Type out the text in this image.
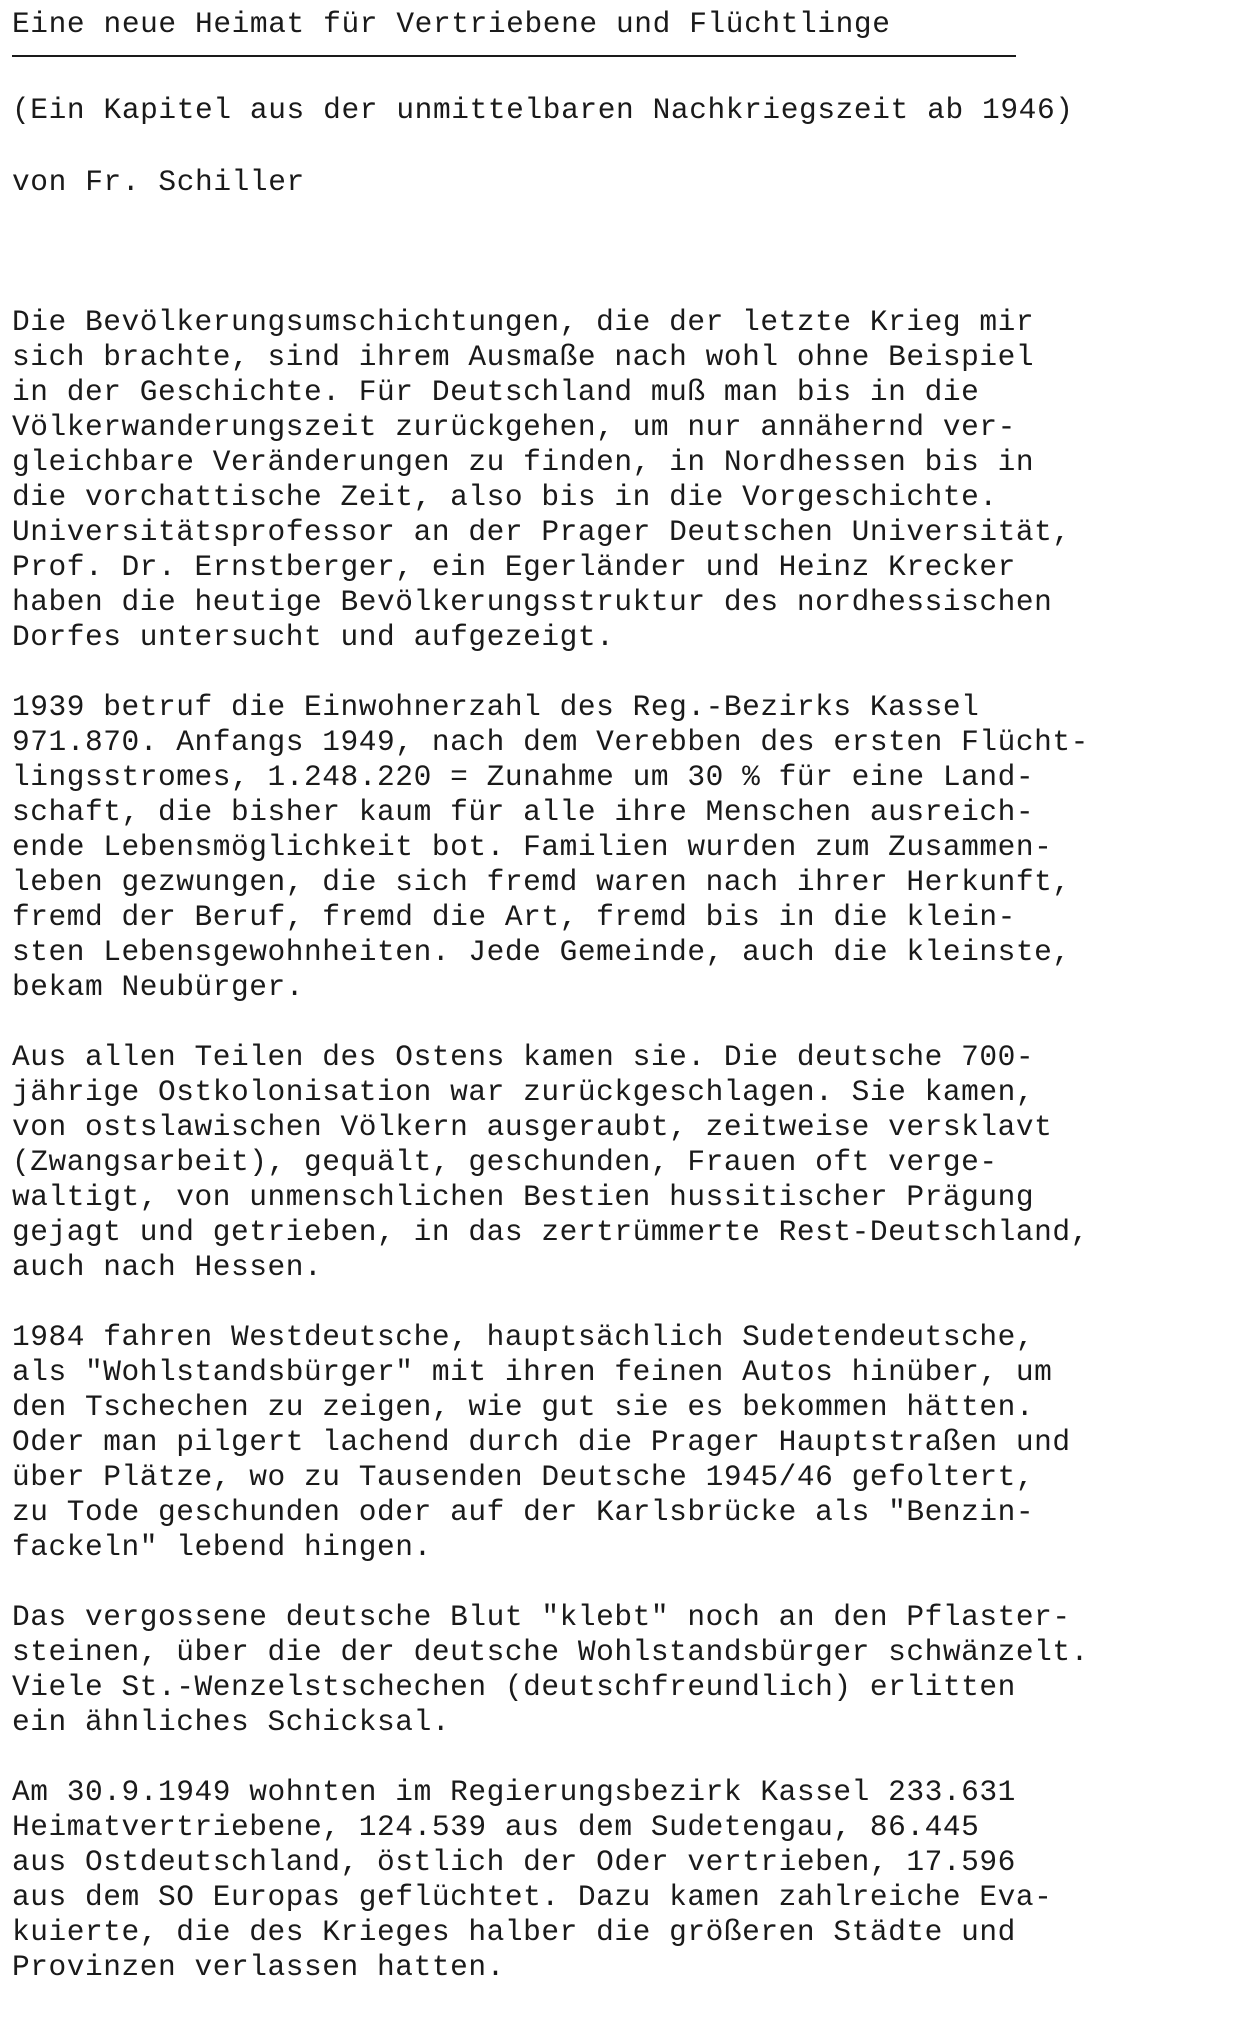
Eine neue Heimat für Vertriebene und Flüchtlinge
(Ein Kapitel aus der unmittelbaren Nachkriegszeit ab 1946)
von Fr. Schiller
Die Bevölkerungsumschichtungen, die der letzte Krieg mir
sich brachte, sind ihrem Ausmaße nach wohl ohne Beispiel
in der Geschichte. Für Deutschland muß man bis in die
Völkerwanderungszeit zurückgehen, um nur annähernd ver-
gleichbare Veränderungen zu finden, in Nordhessen bis in
die vorchattische Zeit, also bis in die Vorgeschichte.
Universitätsprofessor an der Prager Deutschen Universität,
Prof. Dr. Ernstberger, ein Egerländer und Heinz Krecker
haben die heutige Bevölkerungsstruktur des nordhessischen
Dorfes untersucht und aufgezeigt.
1939 betruf die Einwohnerzahl des Reg.-Bezirks Kassel
971.870. Anfangs 1949, nach dem Verebben des ersten Flücht-
lingsstromes, 1.248.220 = Zunahme um 30 % für eine Land-
schaft, die bisher kaum für alle ihre Menschen ausreich-
ende Lebensmöglichkeit bot. Familien wurden zum Zusammen-
leben gezwungen, die sich fremd waren nach ihrer Herkunft,
fremd der Beruf, fremd die Art, fremd bis in die klein-
sten Lebensgewohnheiten. Jede Gemeinde, auch die kleinste,
bekam Neubürger.
Aus allen Teilen des Ostens kamen sie. Die deutsche 700-
jährige Ostkolonisation war zurückgeschlagen. Sie kamen,
von ostslawischen Völkern ausgeraubt, zeitweise versklavt
(Zwangsarbeit), gequält, geschunden, Frauen oft verge-
waltigt, von unmenschlichen Bestien hussitischer Prägung
gejagt und getrieben, in das zertrümmerte Rest-Deutschland,
auch nach Hessen.
1984 fahren Westdeutsche, hauptsächlich Sudetendeutsche,
als "Wohlstandsbürger" mit ihren feinen Autos hinüber, um
den Tschechen zu zeigen, wie gut sie es bekommen hätten.
Oder man pilgert lachend durch die Prager Hauptstraßen und
über Plätze, wo zu Tausenden Deutsche 1945/46 gefoltert,
zu Tode geschunden oder auf der Karlsbrücke als "Benzin-
fackeln" lebend hingen.
Das vergossene deutsche Blut "klebt" noch an den Pflaster-
steinen, über die der deutsche Wohlstandsbürger schwänzelt.
Viele St.-Wenzelstschechen (deutschfreundlich) erlitten
ein ähnliches Schicksal.
Am 30.9.1949 wohnten im Regierungsbezirk Kassel 233.631
Heimatvertriebene, 124.539 aus dem Sudetengau, 86.445
aus Ostdeutschland, östlich der Oder vertrieben, 17.596
aus dem SO Europas geflüchtet. Dazu kamen zahlreiche Eva-
kuierte, die des Krieges halber die größeren Städte und
Provinzen verlassen hatten.
